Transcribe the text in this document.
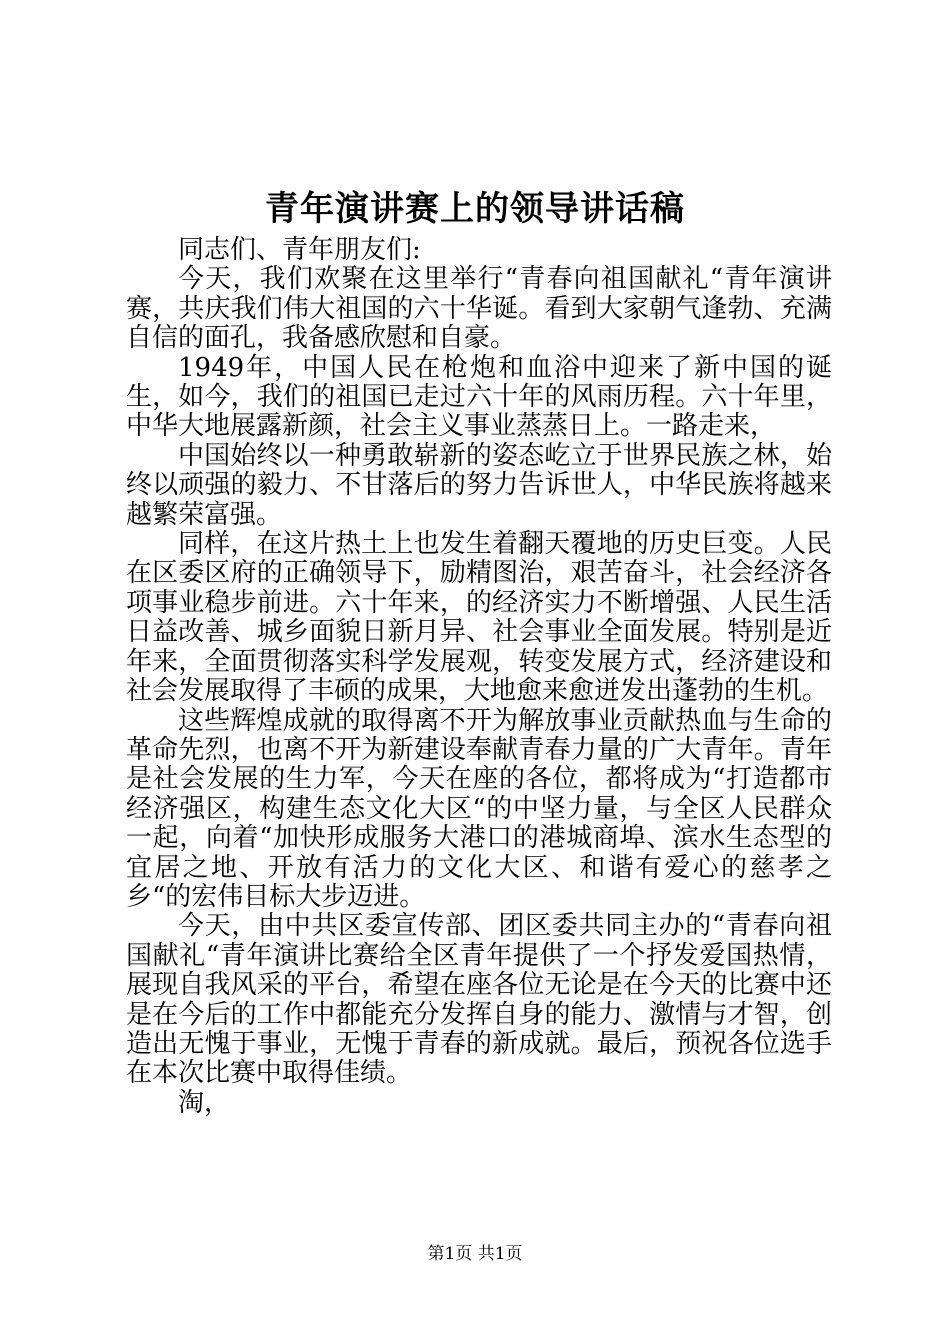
青年演讲赛上的领导讲话稿

同志们、青年朋友们:

今天，我们欢聚在这里举行“青春向祖国献礼“青年演讲赛，共庆我们伟大祖国的六十华诞。看到大家朝气逢勃、充满自信的面孔，我备感欣慰和自豪。

1949年，中国人民在枪炮和血浴中迎来了新中国的诞生，如今，我们的祖国已走过六十年的风雨历程。六十年里，中华大地展露新颜，社会主义事业蒸蒸日上。一路走来，

中国始终以一种勇敢崭新的姿态屹立于世界民族之林，始终以顽强的毅力、不甘落后的努力告诉世人，中华民族将越来越繁荣富强。

同样，在这片热土上也发生着翻天覆地的历史巨变。人民在区委区府的正确领导下，励精图治，艰苦奋斗，社会经济各项事业稳步前进。六十年来，的经济实力不断增强、人民生活日益改善、城乡面貌日新月异、社会事业全面发展。特别是近年来，全面贯彻落实科学发展观，转变发展方式，经济建设和社会发展取得了丰硕的成果，大地愈来愈迸发出蓬勃的生机。

这些辉煌成就的取得离不开为解放事业贡献热血与生命的革命先烈，也离不开为新建设奉献青春力量的广大青年。青年是社会发展的生力军，今天在座的各位，都将成为“打造都市经济强区，构建生态文化大区“的中坚力量，与全区人民群众一起，向着“加快形成服务大港口的港城商埠、滨水生态型的宜居之地、开放有活力的文化大区、和谐有爱心的慈孝之乡“的宏伟目标大步迈进。

今天，由中共区委宣传部、团区委共同主办的“青春向祖国献礼“青年演讲比赛给全区青年提供了一个抒发爱国热情，展现自我风采的平台，希望在座各位无论是在今天的比赛中还是在今后的工作中都能充分发挥自身的能力、激情与才智，创造出无愧于事业，无愧于青春的新成就。最后，预祝各位选手在本次比赛中取得佳绩。

淘，

第1页 共1页
